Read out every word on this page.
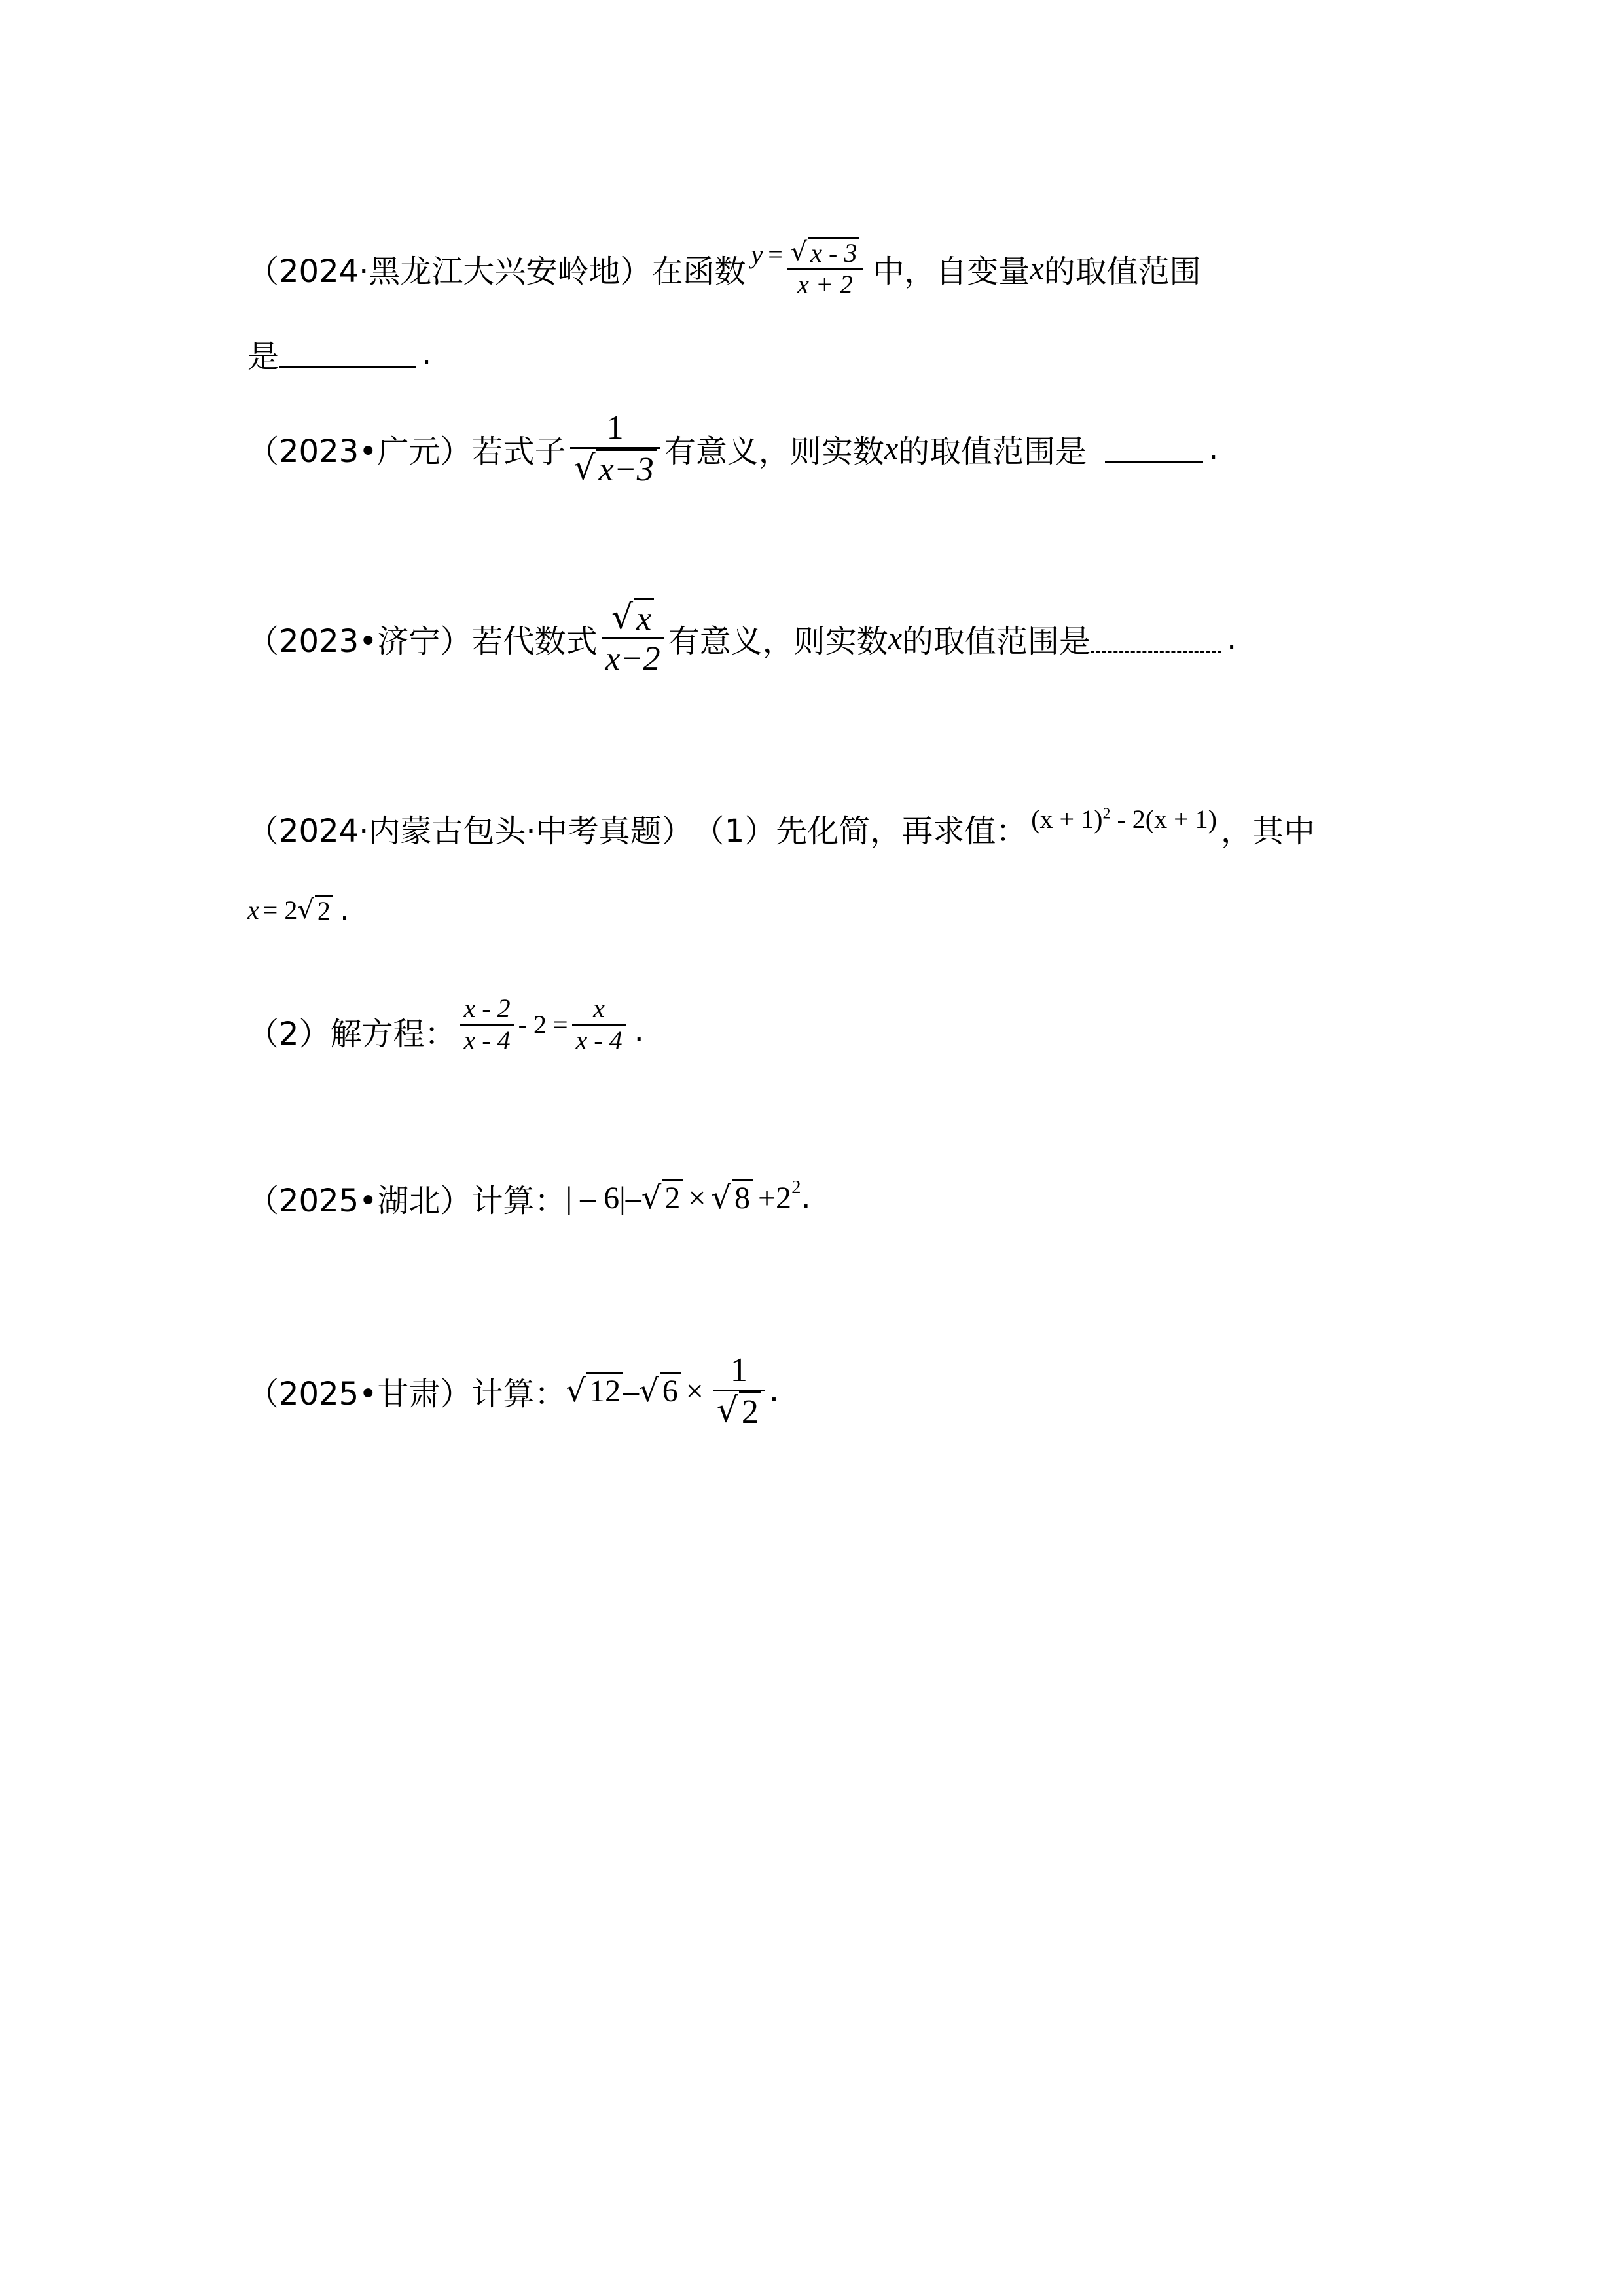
（2024·黑龙江大兴安岭地） 在函数 $y = \frac{√ x - 3}{x + 2}$ 中，自变量 x 的取值范围
是	.
（2023•广元） 若式子 $\frac{1}{√ x-3}$ 有意义，则实数 x 的取值范围是	.
（2023•济宁） 若代数式 $\frac{√ x}{x-2}$ 有意义，则实数 x 的取值范围是	.
（2024·内蒙古包头·中考真题） （1）先化简，再求值： $(x + 1)^2 - 2(x + 1)$ ，其中
x = 2 √ 2 .
（2）解方程： $\frac{x - 2}{x - 4} - 2 = \frac{x}{x - 4}$ .
（2025•湖北） 计算： | – 6| – √ 2 × √ $8 +2^2$ .
（2025•甘肃） 计算： √ 12 – √ $6 \times \frac{1}{√ 2}$ .
